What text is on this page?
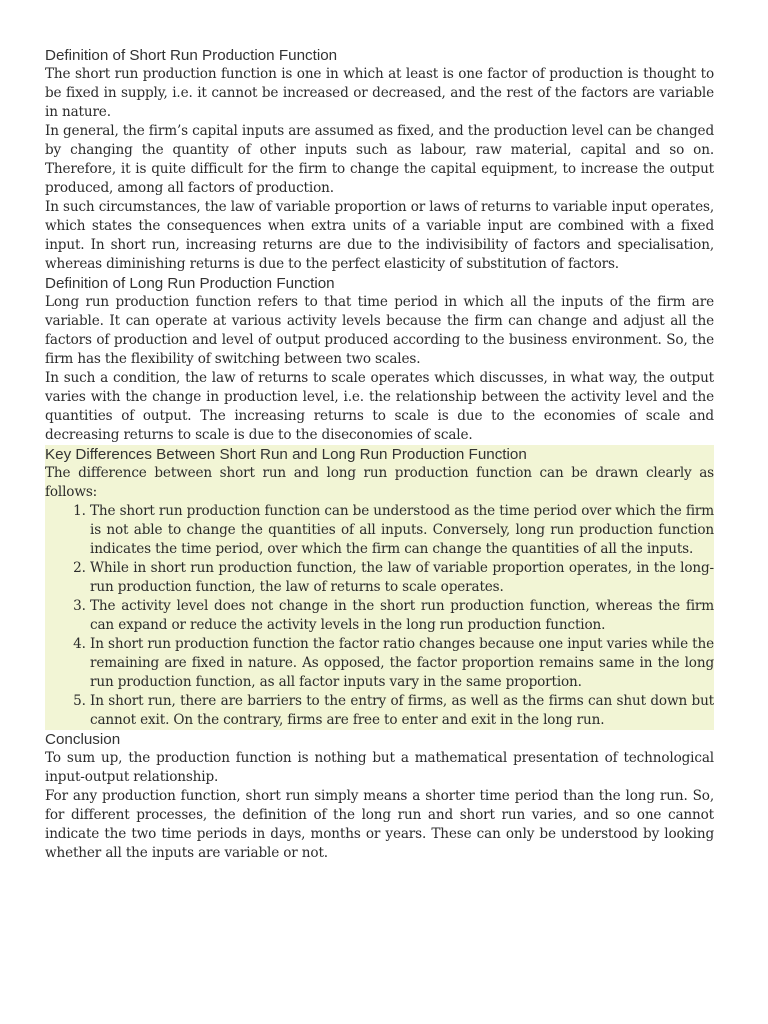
Definition of Short Run Production Function

The short run production function is one in which at least is one factor of production is thought to be fixed in supply, i.e. it cannot be increased or decreased, and the rest of the factors are variable in nature.

In general, the firm’s capital inputs are assumed as fixed, and the production level can be changed by changing the quantity of other inputs such as labour, raw material, capital and so on. Therefore, it is quite difficult for the firm to change the capital equipment, to increase the output produced, among all factors of production.

In such circumstances, the law of variable proportion or laws of returns to variable input operates, which states the consequences when extra units of a variable input are combined with a fixed input. In short run, increasing returns are due to the indivisibility of factors and specialisation, whereas diminishing returns is due to the perfect elasticity of substitution of factors.

Definition of Long Run Production Function

Long run production function refers to that time period in which all the inputs of the firm are variable. It can operate at various activity levels because the firm can change and adjust all the factors of production and level of output produced according to the business environment. So, the firm has the flexibility of switching between two scales.

In such a condition, the law of returns to scale operates which discusses, in what way, the output varies with the change in production level, i.e. the relationship between the activity level and the quantities of output. The increasing returns to scale is due to the economies of scale and decreasing returns to scale is due to the diseconomies of scale.

Key Differences Between Short Run and Long Run Production Function

The difference between short run and long run production function can be drawn clearly as follows:

1. The short run production function can be understood as the time period over which the firm is not able to change the quantities of all inputs. Conversely, long run production function indicates the time period, over which the firm can change the quantities of all the inputs.
2. While in short run production function, the law of variable proportion operates, in the long-run production function, the law of returns to scale operates.
3. The activity level does not change in the short run production function, whereas the firm can expand or reduce the activity levels in the long run production function.
4. In short run production function the factor ratio changes because one input varies while the remaining are fixed in nature. As opposed, the factor proportion remains same in the long run production function, as all factor inputs vary in the same proportion.
5. In short run, there are barriers to the entry of firms, as well as the firms can shut down but cannot exit. On the contrary, firms are free to enter and exit in the long run.
Conclusion

To sum up, the production function is nothing but a mathematical presentation of technological input-output relationship.

For any production function, short run simply means a shorter time period than the long run. So, for different processes, the definition of the long run and short run varies, and so one cannot indicate the two time periods in days, months or years. These can only be understood by looking whether all the inputs are variable or not.
